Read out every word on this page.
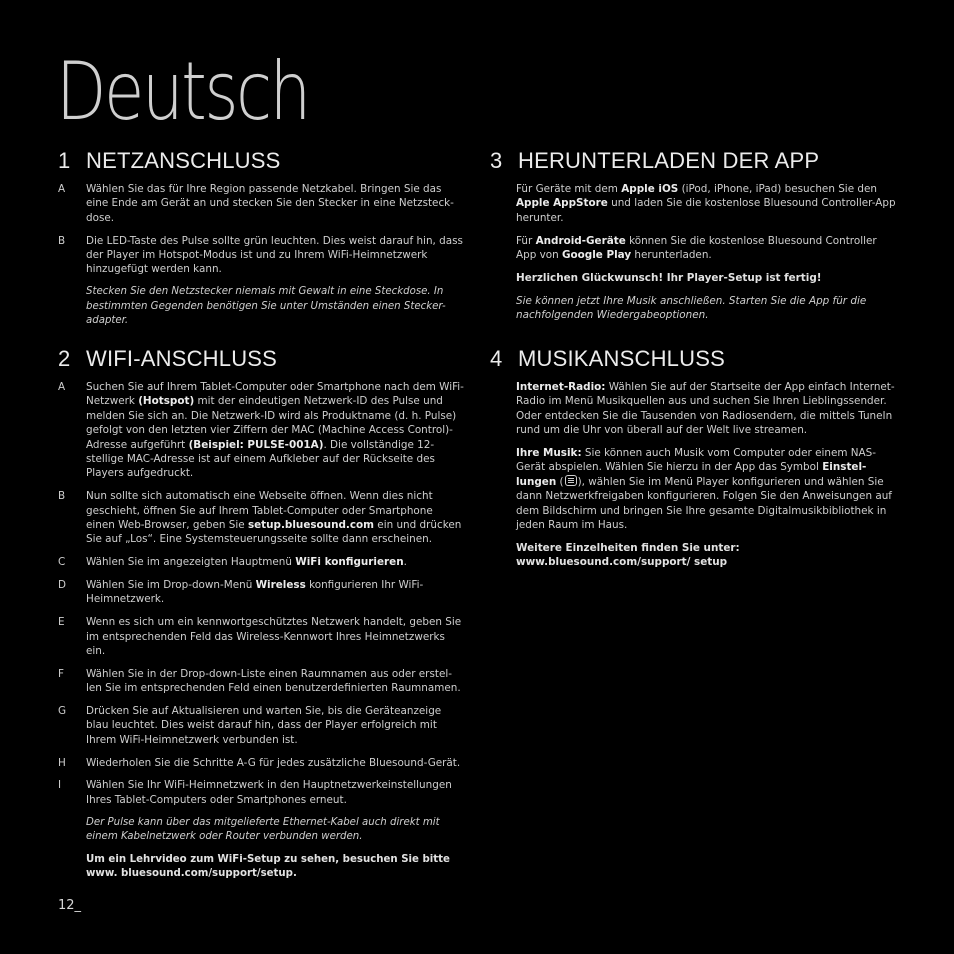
Deutsch
1 NETZANSCHLUSS
A	Wählen Sie das für Ihre Region passende Netzkabel. Bringen Sie das eine Ende am Gerät an und stecken Sie den Stecker in eine Netzsteck-dose.
B	Die LED-Taste des Pulse sollte grün leuchten. Dies weist darauf hin, dass der Player im Hotspot-Modus ist und zu Ihrem WiFi-Heimnetzwerk hinzugefügt werden kann.
Stecken Sie den Netzstecker niemals mit Gewalt in eine Steckdose. In bestimmten Gegenden benötigen Sie unter Umständen einen Stecker-adapter.
2 WIFI-ANSCHLUSS
A	Suchen Sie auf Ihrem Tablet-Computer oder Smartphone nach dem WiFi-Netzwerk (Hotspot) mit der eindeutigen Netzwerk-ID des Pulse und melden Sie sich an. Die Netzwerk-ID wird als Produktname (d. h. Pulse) gefolgt von den letzten vier Ziffern der MAC (Machine Access Control)-Adresse aufgeführt (Beispiel: PULSE-001A). Die vollständige 12-stellige MAC-Adresse ist auf einem Aufkleber auf der Rückseite des Players aufgedruckt.
B	Nun sollte sich automatisch eine Webseite öffnen. Wenn dies nicht geschieht, öffnen Sie auf Ihrem Tablet-Computer oder Smartphone einen Web-Browser, geben Sie setup.bluesound.com ein und drücken Sie auf „Los“. Eine Systemsteuerungsseite sollte dann erscheinen.
C	Wählen Sie im angezeigten Hauptmenü WiFi konfigurieren.
D	Wählen Sie im Drop-down-Menü Wireless konfigurieren Ihr WiFi-Heimnetzwerk.
E	Wenn es sich um ein kennwortgeschütztes Netzwerk handelt, geben Sie im entsprechenden Feld das Wireless-Kennwort Ihres Heimnetzwerks ein.
F	Wählen Sie in der Drop-down-Liste einen Raumnamen aus oder erstel-len Sie im entsprechenden Feld einen benutzerdefinierten Raumnamen.
G	Drücken Sie auf Aktualisieren und warten Sie, bis die Geräteanzeige blau leuchtet. Dies weist darauf hin, dass der Player erfolgreich mit Ihrem WiFi-Heimnetzwerk verbunden ist.
H	Wiederholen Sie die Schritte A-G für jedes zusätzliche Bluesound-Gerät.
I	Wählen Sie Ihr WiFi-Heimnetzwerk in den Hauptnetzwerkeinstellungen Ihres Tablet-Computers oder Smartphones erneut.
Der Pulse kann über das mitgelieferte Ethernet-Kabel auch direkt mit einem Kabelnetzwerk oder Router verbunden werden.
Um ein Lehrvideo zum WiFi-Setup zu sehen, besuchen Sie bitte www. bluesound.com/support/setup.
3 HERUNTERLADEN DER APP
Für Geräte mit dem Apple iOS (iPod, iPhone, iPad) besuchen Sie den Apple AppStore und laden Sie die kostenlose Bluesound Controller-App herunter.
Für Android-Geräte können Sie die kostenlose Bluesound Controller App von Google Play herunterladen.
Herzlichen Glückwunsch! Ihr Player-Setup ist fertig!
Sie können jetzt Ihre Musik anschließen. Starten Sie die App für die nachfolgenden Wiedergabeoptionen.
4 MUSIKANSCHLUSS
Internet-Radio: Wählen Sie auf der Startseite der App einfach Internet-Radio im Menü Musikquellen aus und suchen Sie Ihren Lieblingssender. Oder entdecken Sie die Tausenden von Radiosendern, die mittels TuneIn rund um die Uhr von überall auf der Welt live streamen.
Ihre Musik: Sie können auch Musik vom Computer oder einem NAS-Gerät abspielen. Wählen Sie hierzu in der App das Symbol Einstel-lungen ( ), wählen Sie im Menü Player konfigurieren und wählen Sie dann Netzwerkfreigaben konfigurieren. Folgen Sie den Anweisungen auf dem Bildschirm und bringen Sie Ihre gesamte Digitalmusikbibliothek in jeden Raum im Haus.
Weitere Einzelheiten finden Sie unter: www.bluesound.com/support/ setup
12_
